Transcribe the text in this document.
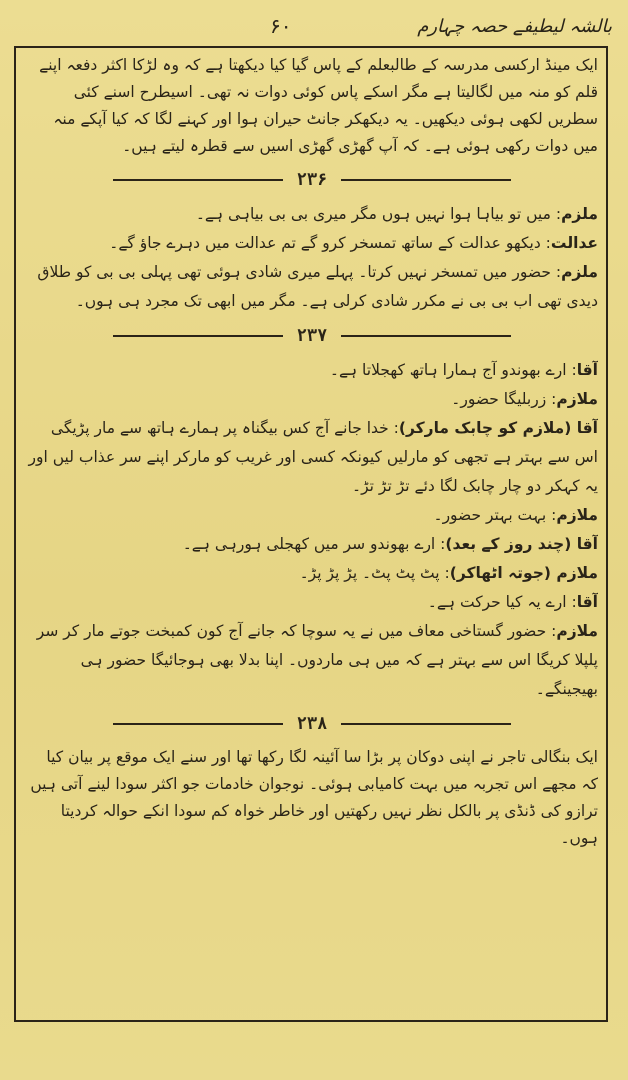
بالشہ لیطیفے حصہ چہارم
۶۰

ایک مینڈ ارکسی مدرسہ کے طالبعلم کے پاس گیا کیا دیکھتا ہے کہ وہ لڑکا اکثر دفعہ اپنے قلم کو منہ میں لگالیتا ہے مگر اسکے پاس کوئی دوات نہ تھی۔ اسیطرح اسنے کئی سطریں لکھی ہوئی دیکھیں۔ یہ دیکھکر جانٹ حیران ہوا اور کہنے لگا کہ کیا آپکے منہ میں دوات رکھی ہوئی ہے۔ کہ آپ گھڑی گھڑی اسیں سے قطرہ لیتے ہیں۔

۲۳۶

ملزم: میں تو بیاہا ہوا نہیں ہوں مگر میری بی بی بیاہی ہے۔

عدالت: دیکھو عدالت کے ساتھ تمسخر کرو گے تم عدالت میں دہرے جاؤ گے۔

ملزم: حضور میں تمسخر نہیں کرتا۔ پہلے میری شادی ہوئی تھی پہلی بی بی کو طلاق دیدی تھی اب بی بی نے مکرر شادی کرلی ہے۔ مگر میں ابھی تک مجرد ہی ہوں۔

۲۳۷

آقا: ارے بھوندو آج ہمارا ہاتھ کھجلاتا ہے۔

ملازم: زربلیگا حضور۔

آقا (ملازم کو چابک مارکر): خدا جانے آج کس بیگناہ پر ہمارے ہاتھ سے مار پڑیگی اس سے بہتر ہے تجھی کو مارلیں کیونکہ کسی اور غریب کو مارکر اپنے سر عذاب لیں اور یہ کہکر دو چار چابک لگا دئے تڑ تڑ تڑ۔

ملازم: بہت بہتر حضور۔

آقا (چند روز کے بعد): ارے بھوندو سر میں کھجلی ہورہی ہے۔

ملازم (جوتہ اٹھاکر): پٹ پٹ پٹ۔ پڑ پڑ پڑ۔

آقا: ارے یہ کیا حرکت ہے۔

ملازم: حضور گستاخی معاف میں نے یہ سوچا کہ جانے آج کون کمبخت جوتے مار کر سر پلپلا کریگا اس سے بہتر ہے کہ میں ہی ماردوں۔ اپنا بدلا بھی ہوجائیگا حضور ہی بھیجینگے۔

۲۳۸

ایک بنگالی تاجر نے اپنی دوکان پر بڑا سا آئینہ لگا رکھا تھا اور سنے ایک موقع پر بیان کیا کہ مجھے اس تجربہ میں بہت کامیابی ہوئی۔ نوجوان خادمات جو اکثر سودا لینے آتی ہیں ترازو کی ڈنڈی پر بالکل نظر نہیں رکھتیں اور خاطر خواہ کم سودا انکے حوالہ کردیتا ہوں۔
